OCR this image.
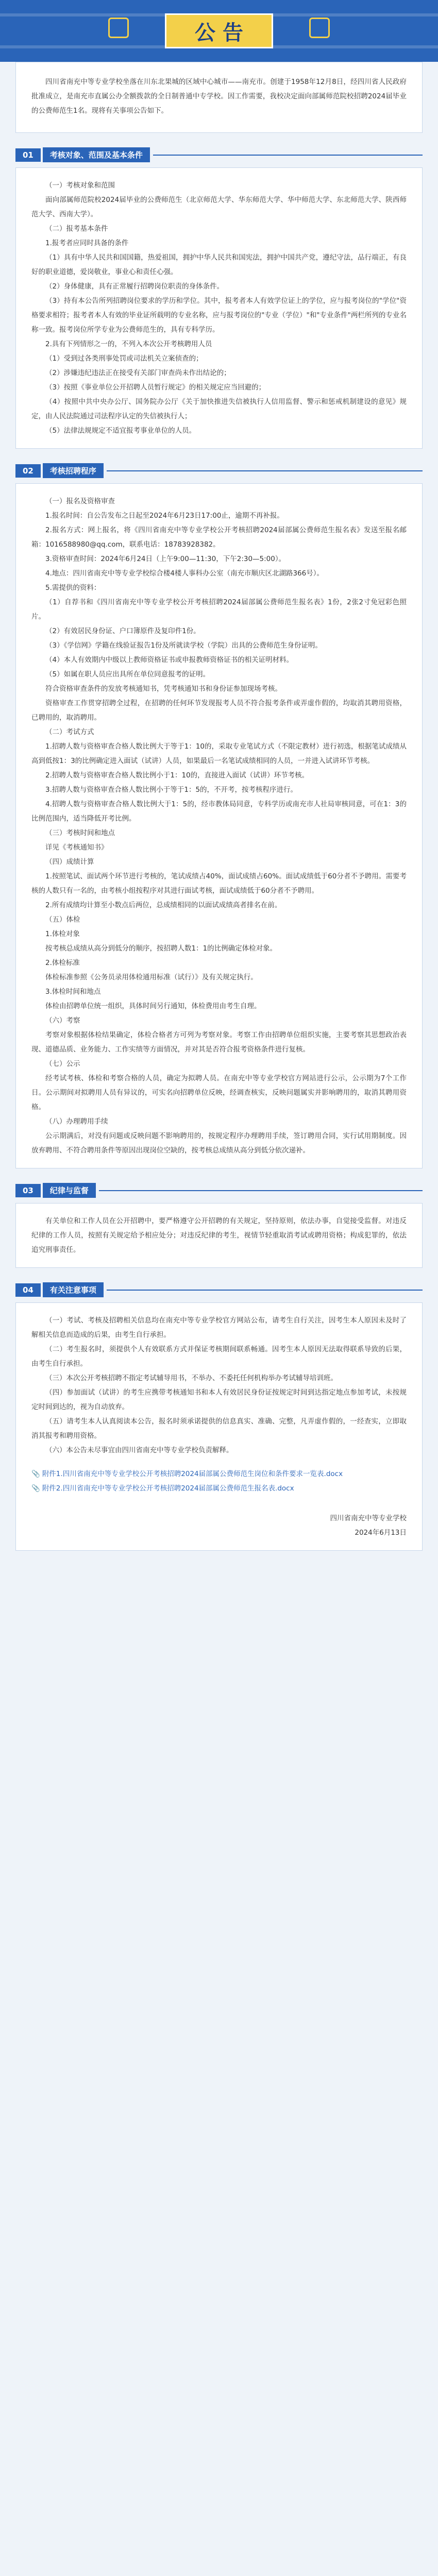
公告

四川省南充中等专业学校坐落在川东北果城的区域中心城市——南充市。创建于1958年12月8日，经四川省人民政府批准成立，是南充市直属公办全额拨款的全日制普通中专学校。因工作需要，我校决定面向部属师范院校招聘2024届毕业的公费师范生1名。现将有关事项公告如下。

01	考核对象、范围及基本条件

（一）考核对象和范围

面向部属师范院校2024届毕业的公费师范生（北京师范大学、华东师范大学、华中师范大学、东北师范大学、陕西师范大学、西南大学）。

（二）报考基本条件

1.报考者应同时具备的条件

（1）具有中华人民共和国国籍，热爱祖国，拥护中华人民共和国宪法，拥护中国共产党，遵纪守法，品行端正，有良好的职业道德，爱岗敬业，事业心和责任心强。

（2）身体健康，具有正常履行招聘岗位职责的身体条件。

（3）持有本公告所列招聘岗位要求的学历和学位。其中，报考者本人有效学位证上的学位，应与报考岗位的"学位"资格要求相符；报考者本人有效的毕业证所载明的专业名称，应与报考岗位的"专业（学位）"和"专业条件"两栏所列的专业名称一致。报考岗位所学专业为公费师范生的，具有专科学历。

2.具有下列情形之一的，不列入本次公开考核聘用人员

（1）受到过各类刑事处罚或司法机关立案侦查的；

（2）涉嫌违纪违法正在接受有关部门审查尚未作出结论的；

（3）按照《事业单位公开招聘人员暂行规定》的相关规定应当回避的；

（4）按照中共中央办公厅、国务院办公厅《关于加快推进失信被执行人信用监督、警示和惩戒机制建设的意见》规定，由人民法院通过司法程序认定的失信被执行人；

（5）法律法规规定不适宜报考事业单位的人员。

02	考核招聘程序

（一）报名及资格审查

1.报名时间：自公告发布之日起至2024年6月23日17:00止，逾期不再补报。

2.报名方式：网上报名，将《四川省南充中等专业学校公开考核招聘2024届部属公费师范生报名表》发送至报名邮箱：1016588980@qq.com，联系电话：18783928382。

3.资格审查时间：2024年6月24日（上午9:00—11:30，下午2:30—5:00）。

4.地点：四川省南充中等专业学校综合楼4楼人事科办公室（南充市顺庆区北湖路366号）。

5.需提供的资料：

（1）自荐书和《四川省南充中等专业学校公开考核招聘2024届部属公费师范生报名表》1份，2张2寸免冠彩色照片。

（2）有效居民身份证、户口簿原件及复印件1份。

（3）《学信网》学籍在线验证报告1份及所就读学校（学院）出具的公费师范生身份证明。

（4）本人有效期内中级以上教师资格证书或申报教师资格证书的相关证明材料。

（5）如属在职人员应出具所在单位同意报考的证明。

符合资格审查条件的发放考核通知书，凭考核通知书和身份证参加现场考核。

资格审查工作贯穿招聘全过程，在招聘的任何环节发现报考人员不符合报考条件或弄虚作假的，均取消其聘用资格，已聘用的，取消聘用。

（二）考试方式

1.招聘人数与资格审查合格人数比例大于等于1：10的，采取专业笔试方式（不限定教材）进行初选，根据笔试成绩从高到低按1：3的比例确定进入面试（试讲）人员，如果最后一名笔试成绩相同的人员，一并进入试讲环节考核。

2.招聘人数与资格审查合格人数比例小于1：10的，直接进入面试（试讲）环节考核。

3.招聘人数与资格审查合格人数比例小于等于1：5的，不开考，按考核程序进行。

4.招聘人数与资格审查合格人数比例大于1：5的，经市教体局同意，专科学历或南充市人社局审核同意，可在1：3的比例范围内，适当降低开考比例。

（三）考核时间和地点

详见《考核通知书》

（四）成绩计算

1.按照笔试、面试两个环节进行考核的，笔试成绩占40%，面试成绩占60%。面试成绩低于60分者不予聘用。需要考核的人数只有一名的，由考核小组按程序对其进行面试考核，面试成绩低于60分者不予聘用。

2.所有成绩均计算至小数点后两位，总成绩相同的以面试成绩高者排名在前。

（五）体检

1.体检对象

按考核总成绩从高分到低分的顺序，按招聘人数1：1的比例确定体检对象。

2.体检标准

体检标准参照《公务员录用体检通用标准（试行）》及有关规定执行。

3.体检时间和地点

体检由招聘单位统一组织，具体时间另行通知，体检费用由考生自理。

（六）考察

考察对象根据体检结果确定，体检合格者方可列为考察对象。考察工作由招聘单位组织实施，主要考察其思想政治表现、道德品质、业务能力、工作实绩等方面情况，并对其是否符合报考资格条件进行复核。

（七）公示

经考试考核、体检和考察合格的人员，确定为拟聘人员。在南充中等专业学校官方网站进行公示，公示期为7个工作日。公示期间对拟聘用人员有异议的，可实名向招聘单位反映，经调查核实，反映问题属实并影响聘用的，取消其聘用资格。

（八）办理聘用手续

公示期满后，对没有问题或反映问题不影响聘用的，按规定程序办理聘用手续，签订聘用合同，实行试用期制度。因放弃聘用、不符合聘用条件等原因出现岗位空缺的，按考核总成绩从高分到低分依次递补。

03	纪律与监督

有关单位和工作人员在公开招聘中，要严格遵守公开招聘的有关规定，坚持原则，依法办事，自觉接受监督。对违反纪律的工作人员，按照有关规定给予相应处分；对违反纪律的考生，视情节轻重取消考试或聘用资格；构成犯罪的，依法追究刑事责任。

04	有关注意事项

（一）考试、考核及招聘相关信息均在南充中等专业学校官方网站公布，请考生自行关注，因考生本人原因未及时了解相关信息而造成的后果，由考生自行承担。

（二）考生报名时，须提供个人有效联系方式并保证考核期间联系畅通。因考生本人原因无法取得联系导致的后果，由考生自行承担。

（三）本次公开考核招聘不指定考试辅导用书，不举办、不委托任何机构举办考试辅导培训班。

（四）参加面试（试讲）的考生应携带考核通知书和本人有效居民身份证按规定时间到达指定地点参加考试，未按规定时间到达的，视为自动放弃。

（五）请考生本人认真阅读本公告，报名时须承诺提供的信息真实、准确、完整，凡弄虚作假的，一经查实，立即取消其报考和聘用资格。

（六）本公告未尽事宜由四川省南充中等专业学校负责解释。

📎 附件1.四川省南充中等专业学校公开考核招聘2024届部属公费师范生岗位和条件要求一览表.docx

📎 附件2.四川省南充中等专业学校公开考核招聘2024届部属公费师范生报名表.docx

四川省南充中等专业学校

2024年6月13日
